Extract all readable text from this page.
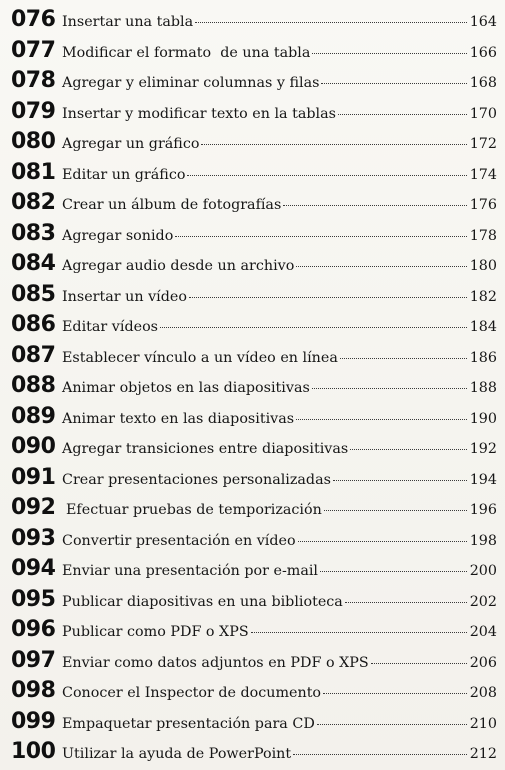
076 Insertar una tabla	164
077 Modificar el formato  de una tabla	166
078 Agregar y eliminar columnas y filas	168
079 Insertar y modificar texto en la tablas	170
080 Agregar un gráfico	172
081 Editar un gráfico	174
082 Crear un álbum de fotografías	176
083 Agregar sonido	178
084 Agregar audio desde un archivo	180
085 Insertar un vídeo	182
086 Editar vídeos	184
087 Establecer vínculo a un vídeo en línea	186
088 Animar objetos en las diapositivas	188
089 Animar texto en las diapositivas	190
090 Agregar transiciones entre diapositivas	192
091 Crear presentaciones personalizadas	194
092 Efectuar pruebas de temporización	196
093 Convertir presentación en vídeo	198
094 Enviar una presentación por e-mail	200
095 Publicar diapositivas en una biblioteca	202
096 Publicar como PDF o XPS	204
097 Enviar como datos adjuntos en PDF o XPS	206
098 Conocer el Inspector de documento	208
099 Empaquetar presentación para CD	210
100 Utilizar la ayuda de PowerPoint	212
